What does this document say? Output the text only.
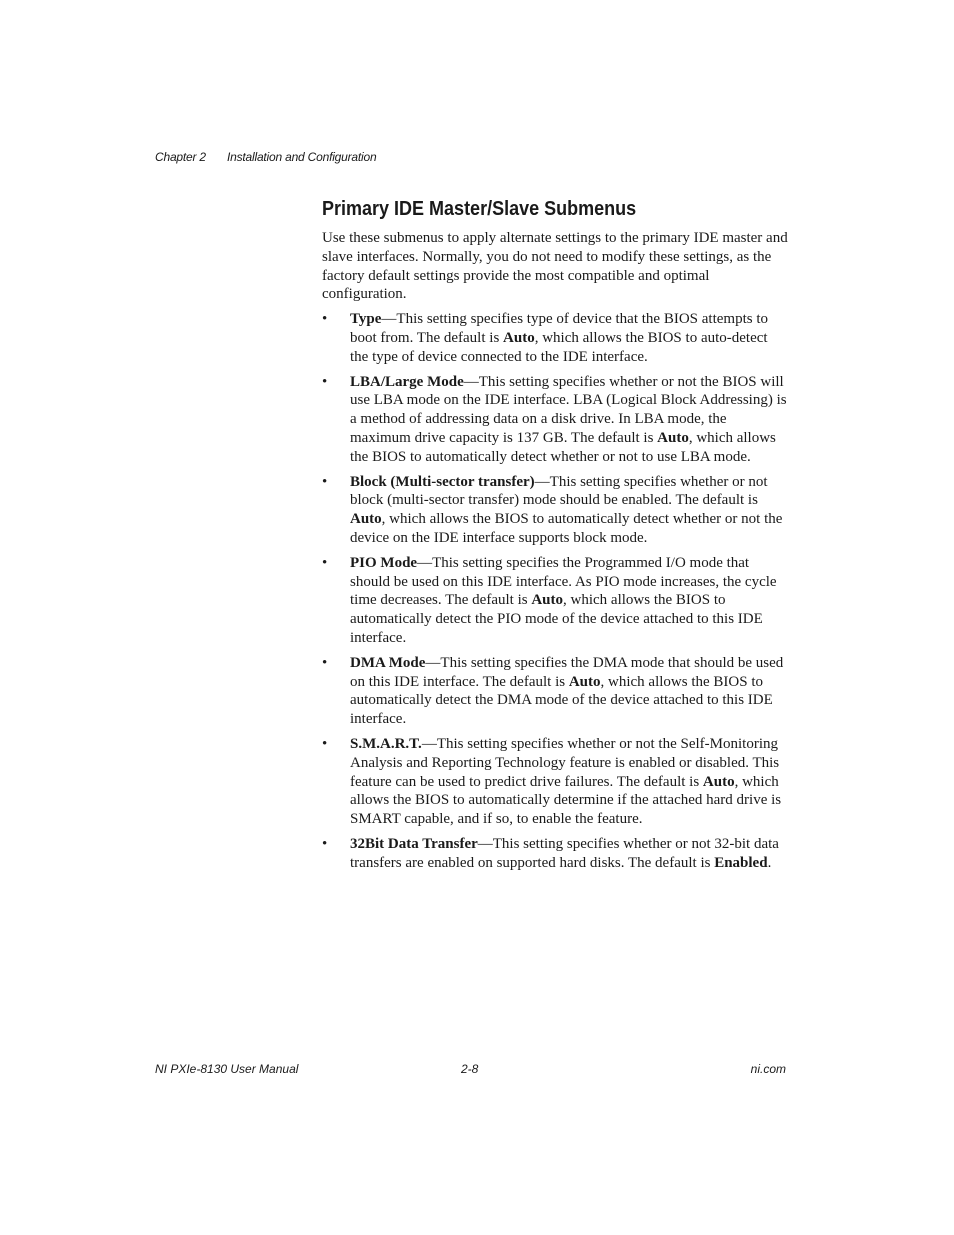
Chapter 2 Installation and Configuration
Primary IDE Master/Slave Submenus

Use these submenus to apply alternate settings to the primary IDE master and slave interfaces. Normally, you do not need to modify these settings, as the factory default settings provide the most compatible and optimal configuration.

• Type—This setting specifies type of device that the BIOS attempts to boot from. The default is Auto, which allows the BIOS to auto-detect the type of device connected to the IDE interface.
• LBA/Large Mode—This setting specifies whether or not the BIOS will use LBA mode on the IDE interface. LBA (Logical Block Addressing) is a method of addressing data on a disk drive. In LBA mode, the maximum drive capacity is 137 GB. The default is Auto, which allows the BIOS to automatically detect whether or not to use LBA mode.
• Block (Multi-sector transfer)—This setting specifies whether or not block (multi-sector transfer) mode should be enabled. The default is Auto, which allows the BIOS to automatically detect whether or not the device on the IDE interface supports block mode.
• PIO Mode—This setting specifies the Programmed I/O mode that should be used on this IDE interface. As PIO mode increases, the cycle time decreases. The default is Auto, which allows the BIOS to automatically detect the PIO mode of the device attached to this IDE interface.
• DMA Mode—This setting specifies the DMA mode that should be used on this IDE interface. The default is Auto, which allows the BIOS to automatically detect the DMA mode of the device attached to this IDE interface.
• S.M.A.R.T.—This setting specifies whether or not the Self-Monitoring Analysis and Reporting Technology feature is enabled or disabled. This feature can be used to predict drive failures. The default is Auto, which allows the BIOS to automatically determine if the attached hard drive is SMART capable, and if so, to enable the feature.
• 32Bit Data Transfer—This setting specifies whether or not 32-bit data transfers are enabled on supported hard disks. The default is Enabled.
NI PXIe-8130 User Manual	2-8	ni.com
